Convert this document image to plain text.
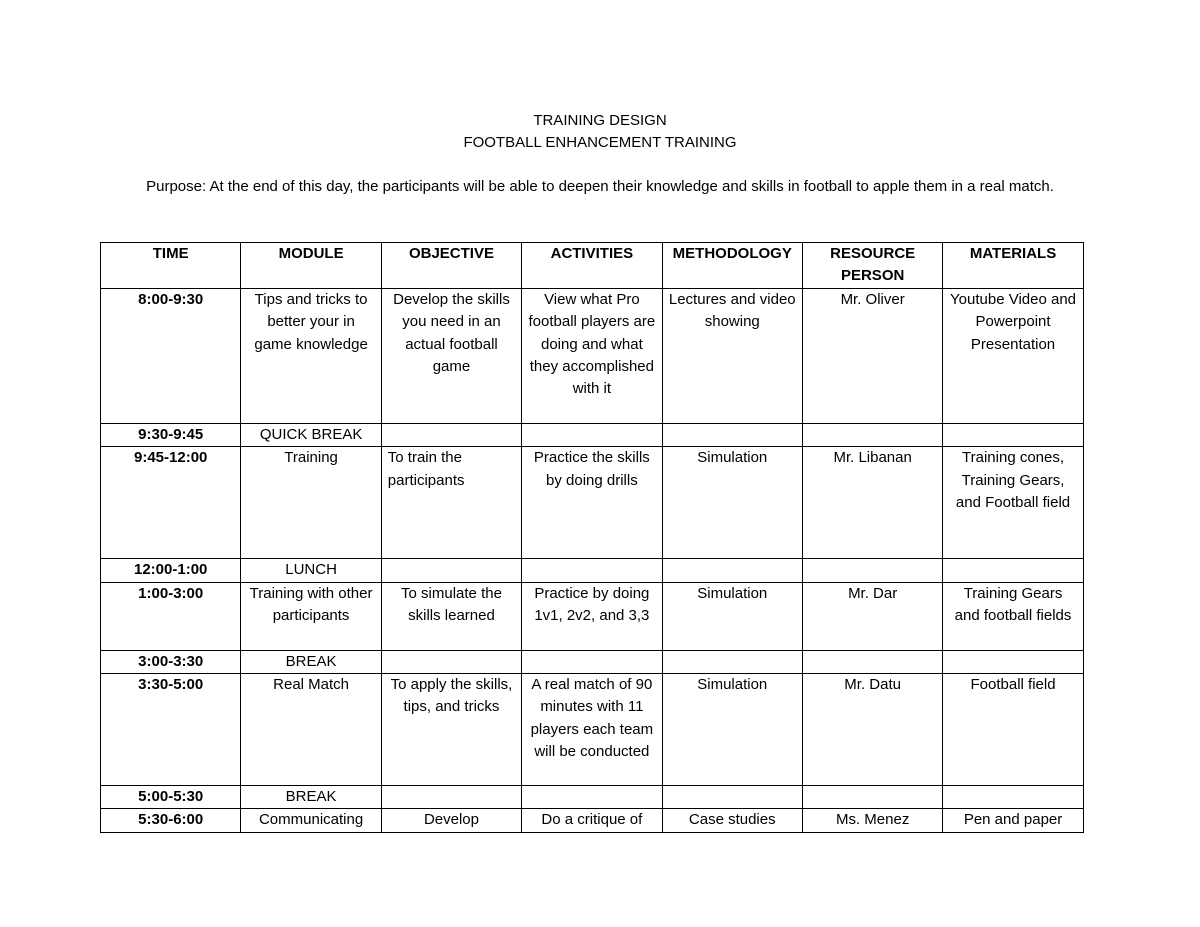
TRAINING DESIGN
FOOTBALL ENHANCEMENT TRAINING
Purpose: At the end of this day, the participants will be able to deepen their knowledge and skills in football to apple them in a real match.
TIME	MODULE	OBJECTIVE	ACTIVITIES	METHODOLOGY	RESOURCE PERSON	MATERIALS
8:00-9:30	Tips and tricks to better your in game knowledge	Develop the skills you need in an actual football game	View what Pro football players are doing and what they accomplished with it	Lectures and video showing	Mr. Oliver	Youtube Video and Powerpoint Presentation
9:30-9:45	QUICK BREAK					
9:45-12:00	Training	To train the participants	Practice the skills by doing drills	Simulation	Mr. Libanan	Training cones, Training Gears, and Football field
12:00-1:00	LUNCH					
1:00-3:00	Training with other participants	To simulate the skills learned	Practice by doing 1v1, 2v2, and 3,3	Simulation	Mr. Dar	Training Gears and football fields
3:00-3:30	BREAK					
3:30-5:00	Real Match	To apply the skills, tips, and tricks	A real match of 90 minutes with 11 players each team will be conducted	Simulation	Mr. Datu	Football field
5:00-5:30	BREAK					
5:30-6:00	Communicating	Develop	Do a critique of	Case studies	Ms. Menez	Pen and paper
